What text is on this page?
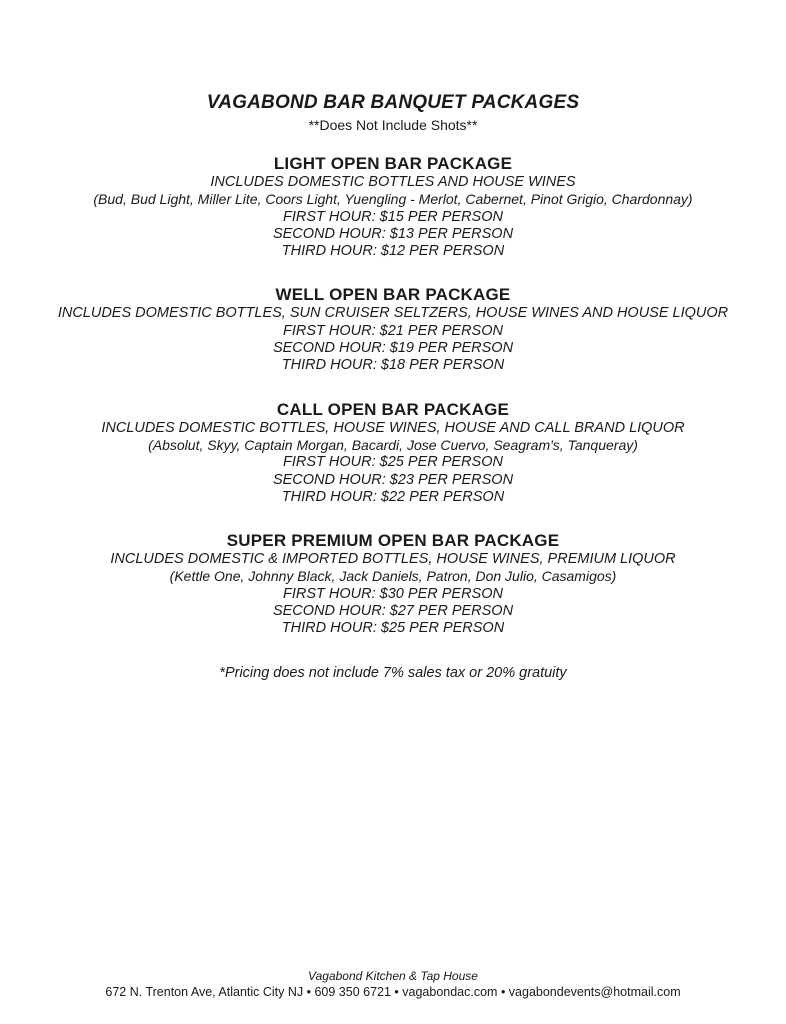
VAGABOND BAR BANQUET PACKAGES
**Does Not Include Shots**
LIGHT OPEN BAR PACKAGE
INCLUDES DOMESTIC BOTTLES AND HOUSE WINES
(Bud, Bud Light, Miller Lite, Coors Light, Yuengling - Merlot, Cabernet, Pinot Grigio, Chardonnay)
FIRST HOUR: $15 PER PERSON
SECOND HOUR: $13 PER PERSON
THIRD HOUR: $12 PER PERSON
WELL OPEN BAR PACKAGE
INCLUDES DOMESTIC BOTTLES, SUN CRUISER SELTZERS, HOUSE WINES AND HOUSE LIQUOR
FIRST HOUR: $21 PER PERSON
SECOND HOUR: $19 PER PERSON
THIRD HOUR: $18 PER PERSON
CALL OPEN BAR PACKAGE
INCLUDES DOMESTIC BOTTLES, HOUSE WINES, HOUSE AND CALL BRAND LIQUOR
(Absolut, Skyy, Captain Morgan, Bacardi, Jose Cuervo, Seagram's, Tanqueray)
FIRST HOUR: $25 PER PERSON
SECOND HOUR: $23 PER PERSON
THIRD HOUR: $22 PER PERSON
SUPER PREMIUM OPEN BAR PACKAGE
INCLUDES DOMESTIC & IMPORTED BOTTLES, HOUSE WINES, PREMIUM LIQUOR
(Kettle One, Johnny Black, Jack Daniels, Patron, Don Julio, Casamigos)
FIRST HOUR: $30 PER PERSON
SECOND HOUR: $27 PER PERSON
THIRD HOUR: $25 PER PERSON
*Pricing does not include 7% sales tax or 20% gratuity
Vagabond Kitchen & Tap House
672 N. Trenton Ave, Atlantic City NJ • 609 350 6721 • vagabondac.com • vagabondevents@hotmail.com
